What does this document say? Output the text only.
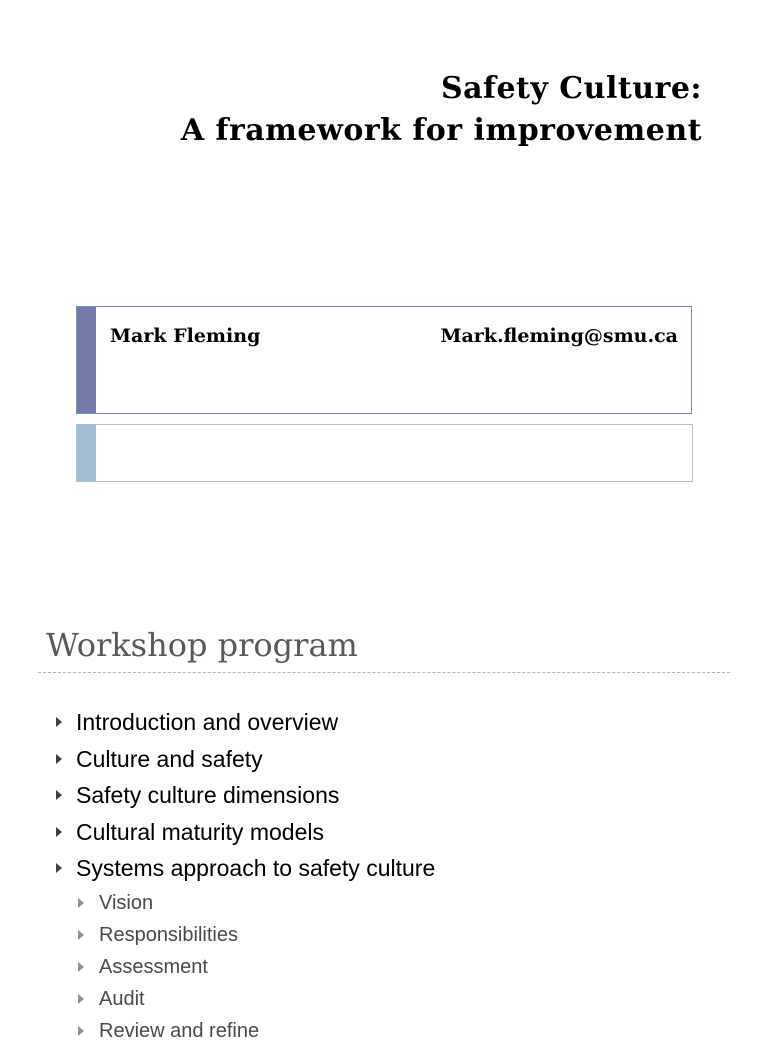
Safety Culture:
A framework for improvement
Mark Fleming	Mark.fleming@smu.ca
Workshop program
Introduction and overview
Culture and safety
Safety culture dimensions
Cultural maturity models
Systems approach to safety culture
Vision
Responsibilities
Assessment
Audit
Review and refine
